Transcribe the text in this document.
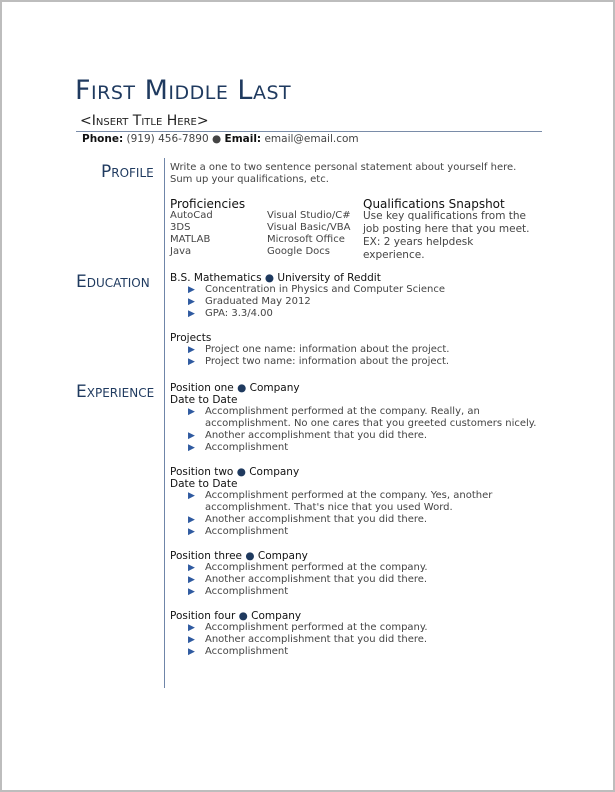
First Middle Last
<Insert Title Here>
Phone: (919) 456-7890 ● Email: email@email.com
Profile Write a one to two sentence personal statement about yourself here. Sum up your qualifications, etc.
Proficiencies
AutoCad
3DS
MATLAB
Java
Visual Studio/C#
Visual Basic/VBA
Microsoft Office
Google Docs
Qualifications Snapshot
Use key qualifications from the job posting here that you meet. EX: 2 years helpdesk experience.
Education B.S. Mathematics ● University of Reddit
▶ Concentration in Physics and Computer Science
▶ Graduated May 2012
▶ GPA: 3.3/4.00
Projects
▶ Project one name: information about the project.
▶ Project two name: information about the project.
Experience Position one ● Company
Date to Date
▶ Accomplishment performed at the company. Really, an accomplishment. No one cares that you greeted customers nicely.
▶ Another accomplishment that you did there.
▶ Accomplishment
Position two ● Company
Date to Date
▶ Accomplishment performed at the company. Yes, another accomplishment. That's nice that you used Word.
▶ Another accomplishment that you did there.
▶ Accomplishment
Position three ● Company
▶ Accomplishment performed at the company.
▶ Another accomplishment that you did there.
▶ Accomplishment
Position four ● Company
▶ Accomplishment performed at the company.
▶ Another accomplishment that you did there.
▶ Accomplishment
